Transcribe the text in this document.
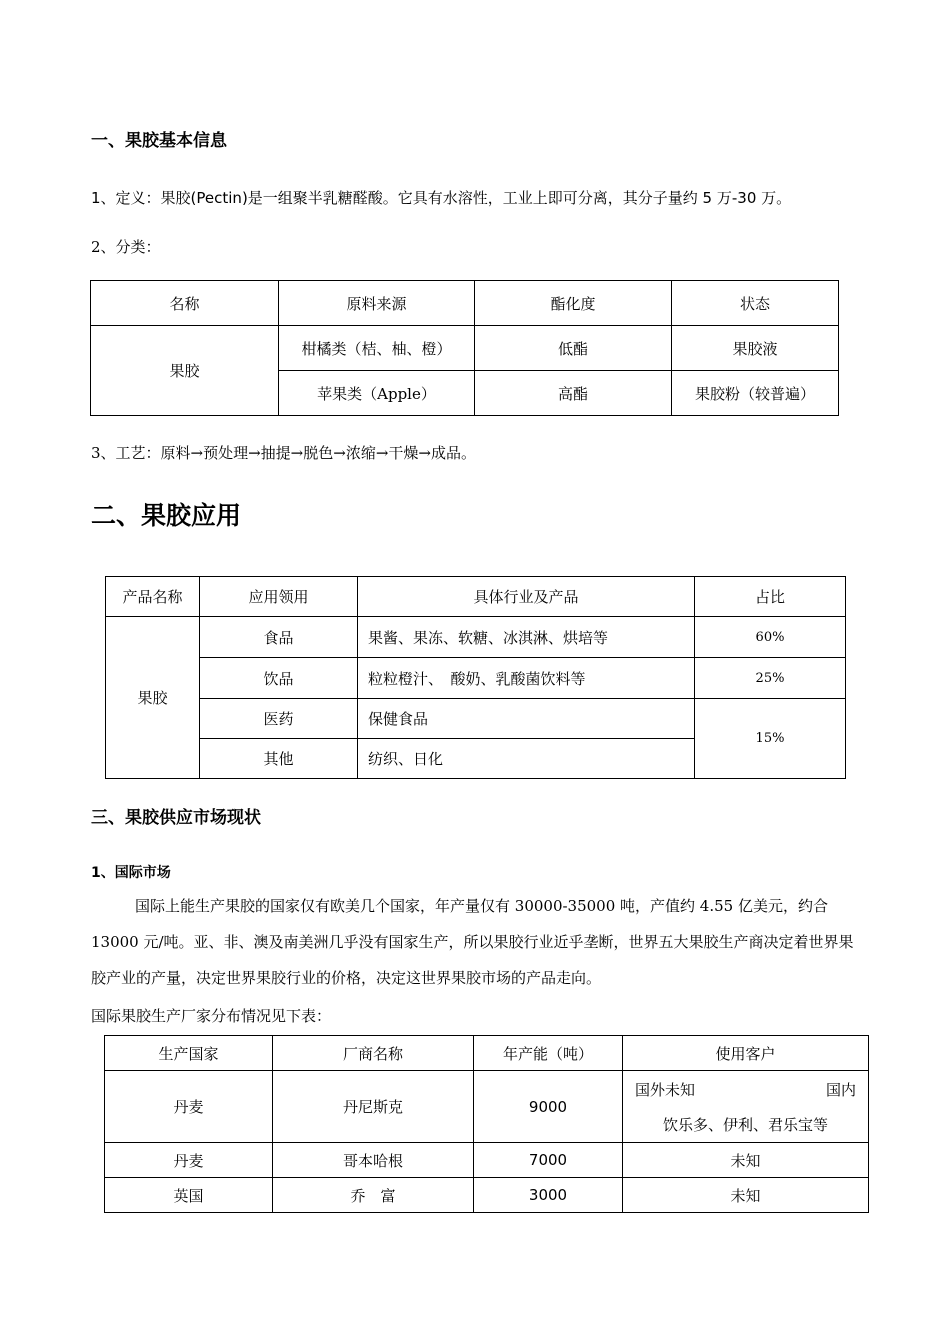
一、果胶基本信息
1、定义：果胶(Pectin)是一组聚半乳糖醛酸。它具有水溶性，工业上即可分离，其分子量约 5 万-30 万。
2、分类：
名称	原料来源	酯化度	状态
果胶	柑橘类（桔、柚、橙）	低酯	果胶液
	苹果类（Apple）	高酯	果胶粉（较普遍）
3、工艺：原料→预处理→抽提→脱色→浓缩→干燥→成品。
二、果胶应用
产品名称	应用领用	具体行业及产品	占比
果胶	食品	果酱、果冻、软糖、冰淇淋、烘培等	60%
	饮品	粒粒橙汁、　酸奶、乳酸菌饮料等	25%
	医药	保健食品	15%
	其他	纺织、日化	
三、果胶供应市场现状
1、国际市场
国际上能生产果胶的国家仅有欧美几个国家，年产量仅有 30000-35000 吨，产值约 4.55 亿美元，约合 13000 元/吨。亚、非、澳及南美洲几乎没有国家生产，所以果胶行业近乎垄断，世界五大果胶生产商决定着世界果胶产业的产量，决定世界果胶行业的价格，决定这世界果胶市场的产品走向。
国际果胶生产厂家分布情况见下表：
生产国家	厂商名称	年产能（吨）	使用客户
丹麦	丹尼斯克	9000	国外未知 国内
饮乐多、伊利、君乐宝等

丹麦	哥本哈根	7000	未知
英国	乔　富	3000	未知
